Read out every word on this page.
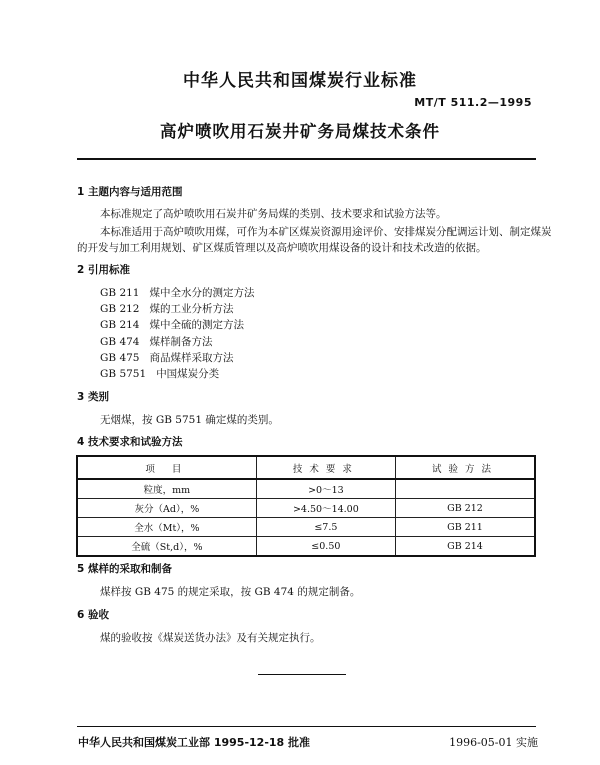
中华人民共和国煤炭行业标准
MT/T 511.2—1995
高炉喷吹用石炭井矿务局煤技术条件
1 主题内容与适用范围
本标准规定了高炉喷吹用石炭井矿务局煤的类别、技术要求和试验方法等。
本标准适用于高炉喷吹用煤，可作为本矿区煤炭资源用途评价、安排煤炭分配调运计划、制定煤炭
的开发与加工利用规划、矿区煤质管理以及高炉喷吹用煤设备的设计和技术改造的依据。
2 引用标准
GB 211 煤中全水分的测定方法
GB 212 煤的工业分析方法
GB 214 煤中全硫的测定方法
GB 474 煤样制备方法
GB 475 商品煤样采取方法
GB 5751 中国煤炭分类
3 类别
无烟煤，按 GB 5751 确定煤的类别。
4 技术要求和试验方法
项 目	技术要求	试验方法
粒度，mm	>0～13	
灰分（Ad），%	>4.50～14.00	GB 212
全水（Mt），%	≤7.5	GB 211
全硫（St,d），%	≤0.50	GB 214
5 煤样的采取和制备
煤样按 GB 475 的规定采取，按 GB 474 的规定制备。
6 验收
煤的验收按《煤炭送货办法》及有关规定执行。
中华人民共和国煤炭工业部 1995-12-18 批准	1996-05-01 实施
